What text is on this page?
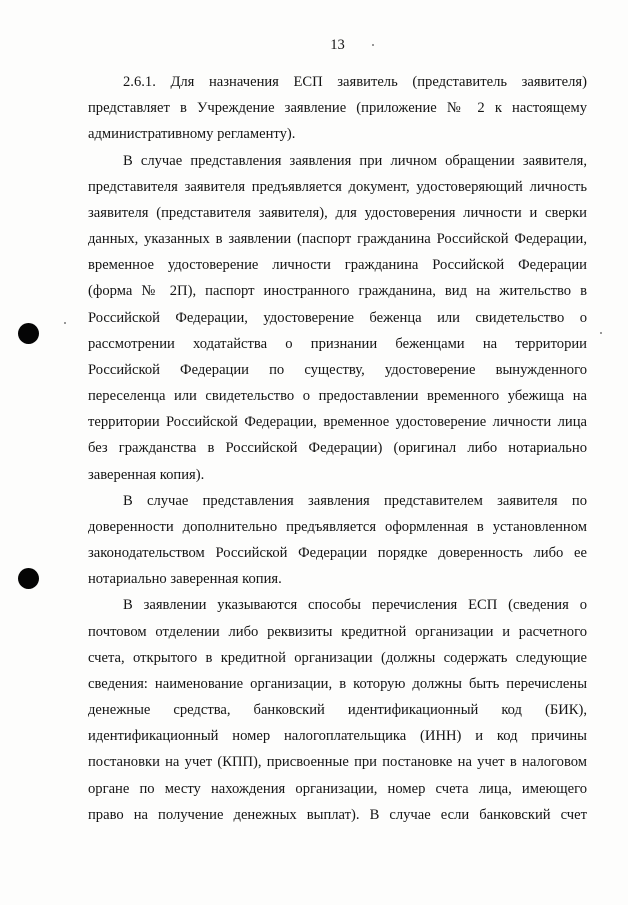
13
2.6.1. Для назначения ЕСП заявитель (представитель заявителя)
представляет в Учреждение заявление (приложение № 2 к настоящему
административному регламенту).
В случае представления заявления при личном обращении заявителя,
представителя заявителя предъявляется документ, удостоверяющий личность
заявителя (представителя заявителя), для удостоверения личности и сверки
данных, указанных в заявлении (паспорт гражданина Российской Федерации,
временное удостоверение личности гражданина Российской Федерации
(форма № 2П), паспорт иностранного гражданина, вид на жительство в
Российской Федерации, удостоверение беженца или свидетельство о
рассмотрении ходатайства о признании беженцами на территории
Российской Федерации по существу, удостоверение вынужденного
переселенца или свидетельство о предоставлении временного убежища на
территории Российской Федерации, временное удостоверение личности лица
без гражданства в Российской Федерации) (оригинал либо нотариально
заверенная копия).
В случае представления заявления представителем заявителя по
доверенности дополнительно предъявляется оформленная в установленном
законодательством Российской Федерации порядке доверенность либо ее
нотариально заверенная копия.
В заявлении указываются способы перечисления ЕСП (сведения о
почтовом отделении либо реквизиты кредитной организации и расчетного
счета, открытого в кредитной организации (должны содержать следующие
сведения: наименование организации, в которую должны быть перечислены
денежные средства, банковский идентификационный код (БИК),
идентификационный номер налогоплательщика (ИНН) и код причины
постановки на учет (КПП), присвоенные при постановке на учет в налоговом
органе по месту нахождения организации, номер счета лица, имеющего
право на получение денежных выплат). В случае если банковский счет
